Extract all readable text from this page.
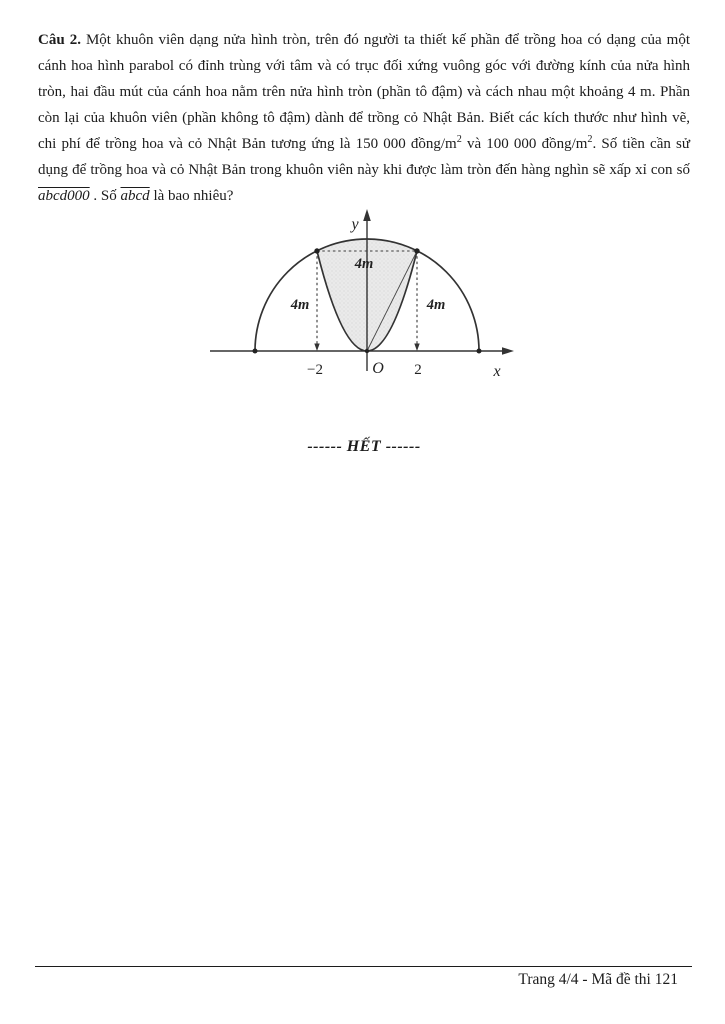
Câu 2. Một khuôn viên dạng nửa hình tròn, trên đó người ta thiết kế phần để trồng hoa có dạng của một cánh hoa hình parabol có đỉnh trùng với tâm và có trục đối xứng vuông góc với đường kính của nửa hình tròn, hai đầu mút của cánh hoa nằm trên nửa hình tròn (phần tô đậm) và cách nhau một khoảng 4 m. Phần còn lại của khuôn viên (phần không tô đậm) dành để trồng cỏ Nhật Bản. Biết các kích thước như hình vẽ, chi phí để trồng hoa và cỏ Nhật Bản tương ứng là 150 000 đồng/$m^2$ và 100 000 đồng/$m^2$. Số tiền cần sử dụng để trồng hoa và cỏ Nhật Bản trong khuôn viên này khi được làm tròn đến hàng nghìn sẽ xấp xỉ con số abcd000 . Số abcd là bao nhiêu?

y
x
O
−2	2
4m
4m	4m
------ HẾT ------
Trang 4/4 - Mã đề thi 121
